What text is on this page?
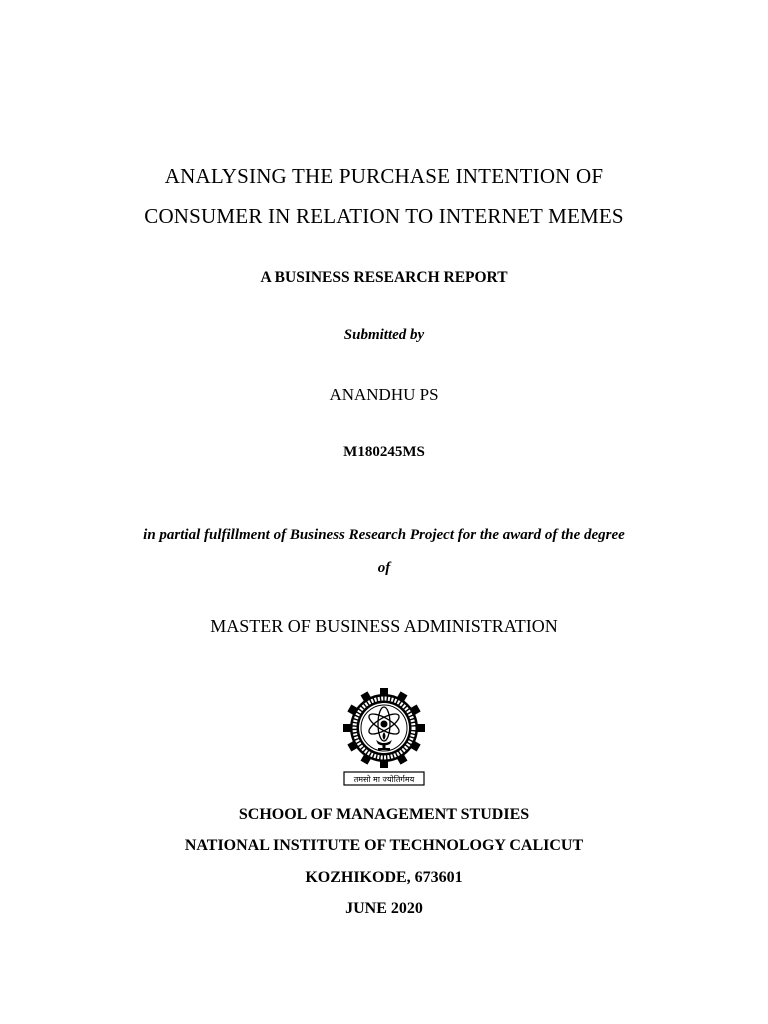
ANALYSING THE PURCHASE INTENTION OF
CONSUMER IN RELATION TO INTERNET MEMES
A BUSINESS RESEARCH REPORT
Submitted by
ANANDHU PS
M180245MS
in partial fulfillment of Business Research Project for the award of the degree
of
MASTER OF BUSINESS ADMINISTRATION
तमसो मा ज्योतिर्गमय
SCHOOL OF MANAGEMENT STUDIES
NATIONAL INSTITUTE OF TECHNOLOGY CALICUT
KOZHIKODE, 673601
JUNE 2020
